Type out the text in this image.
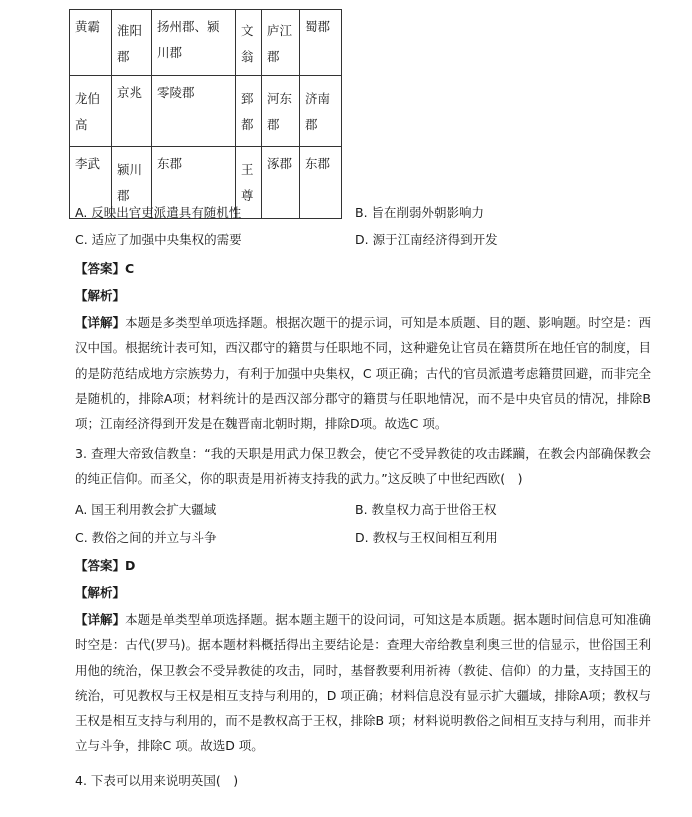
黄霸	淮阳郡	扬州郡、颍川郡	文翁	庐江郡	蜀郡

龙伯高	京兆	零陵郡	郅都	河东郡	济南郡

李武	颍川郡	东郡	王尊	涿郡	东郡
A. 反映出官吏派遣具有随机性	B. 旨在削弱外朝影响力
C. 适应了加强中央集权的需要	D. 源于江南经济得到开发
【答案】C
【解析】
【详解】本题是多类型单项选择题。根据次题干的提示词，可知是本质题、目的题、影响题。时空是：西汉中国。根据统计表可知，西汉郡守的籍贯与任职地不同，这种避免让官员在籍贯所在地任官的制度，目的是防范结成地方宗族势力，有利于加强中央集权，C 项正确；古代的官员派遣考虑籍贯回避，而非完全是随机的，排除A项；材料统计的是西汉部分郡守的籍贯与任职地情况，而不是中央官员的情况，排除B项；江南经济得到开发是在魏晋南北朝时期，排除D项。故选C 项。
3. 查理大帝致信教皇：“我的天职是用武力保卫教会，使它不受异教徒的攻击蹂躏，在教会内部确保教会的纯正信仰。而圣父，你的职责是用祈祷支持我的武力。”这反映了中世纪西欧(　)
A. 国王利用教会扩大疆域	B. 教皇权力高于世俗王权
C. 教俗之间的并立与斗争	D. 教权与王权间相互利用
【答案】D
【解析】
【详解】本题是单类型单项选择题。据本题主题干的设问词，可知这是本质题。据本题时间信息可知准确时空是：古代(罗马)。据本题材料概括得出主要结论是：查理大帝给教皇利奥三世的信显示，世俗国王利用他的统治，保卫教会不受异教徒的攻击，同时，基督教要利用祈祷（教徒、信仰）的力量，支持国王的统治，可见教权与王权是相互支持与利用的，D 项正确；材料信息没有显示扩大疆域，排除A项；教权与王权是相互支持与利用的，而不是教权高于王权，排除B 项；材料说明教俗之间相互支持与利用，而非并立与斗争，排除C 项。故选D 项。
4. 下表可以用来说明英国(　)
